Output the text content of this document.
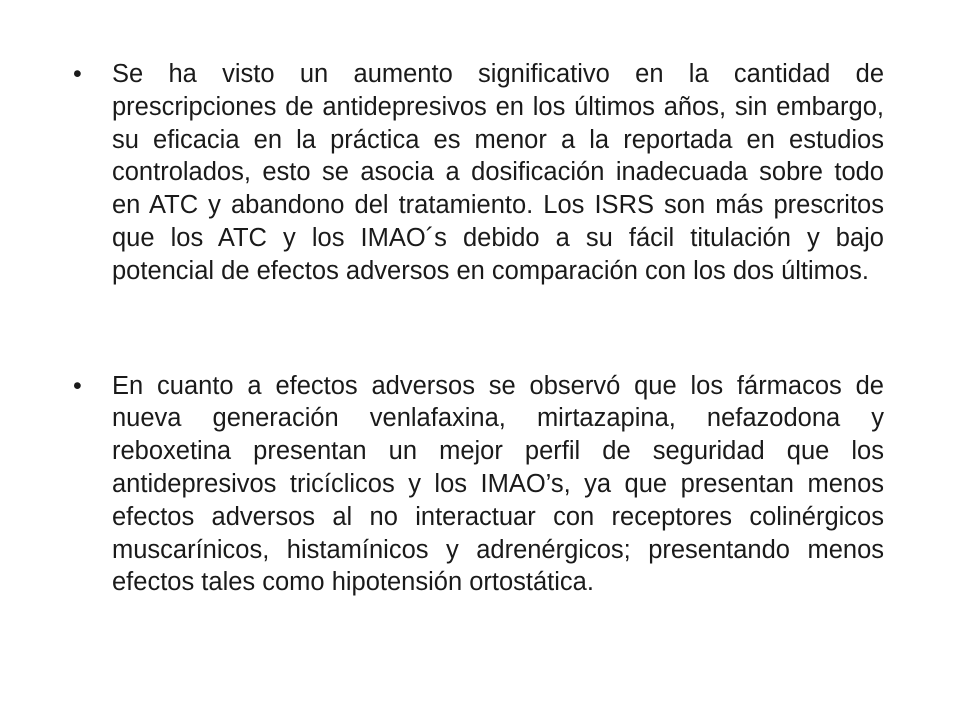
• Se ha visto un aumento significativo en la cantidad de prescripciones de antidepresivos en los últimos años, sin embargo, su eficacia en la práctica es menor a la reportada en estudios controlados, esto se asocia a dosificación inadecuada sobre todo en ATC y abandono del tratamiento. Los ISRS son más prescritos que los ATC y los IMAO´s debido a su fácil titulación y bajo potencial de efectos adversos en comparación con los dos últimos.
• En cuanto a efectos adversos se observó que los fármacos de nueva generación venlafaxina, mirtazapina, nefazodona y reboxetina presentan un mejor perfil de seguridad que los antidepresivos tricíclicos y los IMAO’s, ya que presentan menos efectos adversos al no interactuar con receptores colinérgicos muscarínicos, histamínicos y adrenérgicos; presentando menos efectos tales como hipotensión ortostática.
